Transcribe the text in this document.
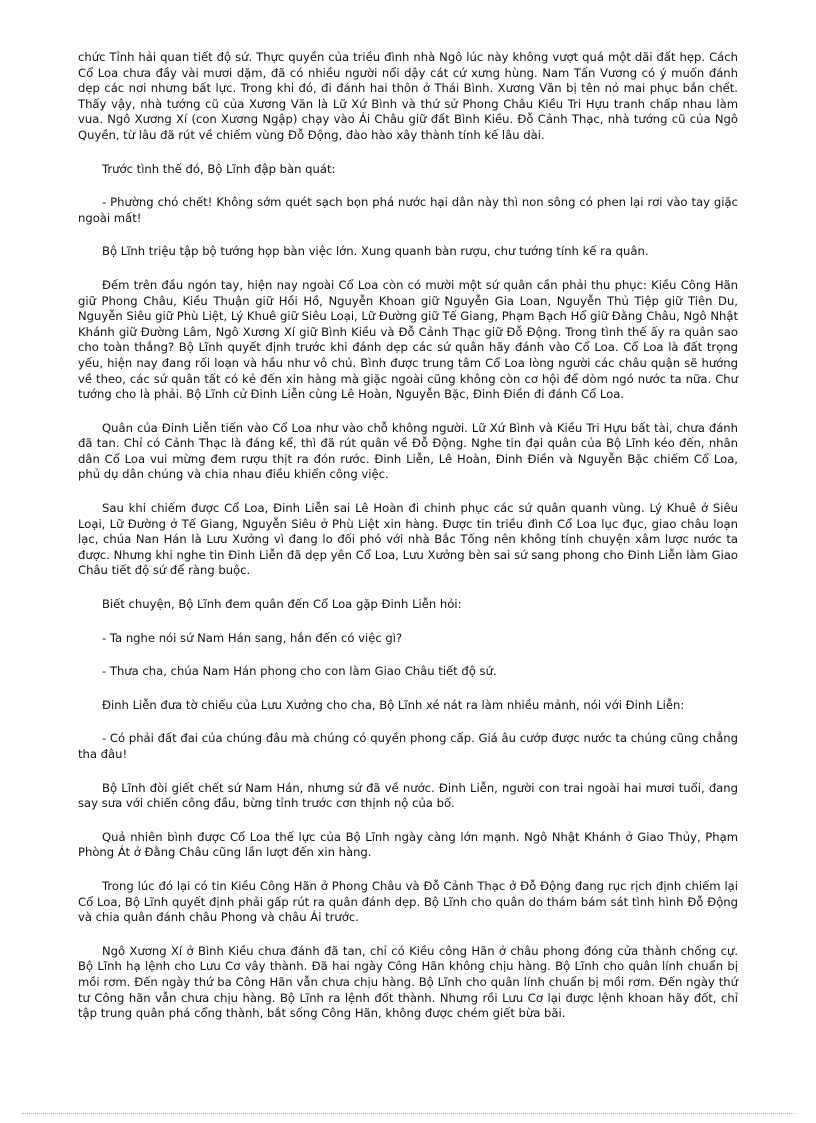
chức Tỉnh hải quan tiết độ sứ. Thực quyền của triều đình nhà Ngô lúc này không vượt quá một dãi đất hẹp. Cách Cổ Loa chưa đầy vài mươi dặm, đã có nhiều người nổi dậy cát cứ xưng hùng. Nam Tấn Vương có ý muốn đánh dẹp các nơi nhưng bất lực. Trong khi đó, đi đánh hai thôn ở Thái Bình. Xương Văn bị tên nỏ mai phục bắn chết. Thấy vậy, nhà tướng cũ của Xương Văn là Lữ Xứ Bình và thứ sử Phong Châu Kiều Tri Hựu tranh chấp nhau làm vua. Ngô Xương Xí (con Xương Ngập) chạy vào Ái Châu giữ đất Bình Kiều. Đỗ Cảnh Thạc, nhà tướng cũ của Ngô Quyền, từ lâu đã rút về chiếm vùng Đỗ Động, đào hào xây thành tính kế lâu dài.

Trước tình thế đó, Bộ Lĩnh đập bàn quát:

- Phường chó chết! Không sớm quét sạch bọn phá nước hại dân này thì non sông có phen lại rơi vào tay giặc ngoài mất!

Bộ Lĩnh triệu tập bộ tướng họp bàn việc lớn. Xung quanh bàn rượu, chư tướng tính kế ra quân.

Đếm trên đầu ngón tay, hiện nay ngoài Cổ Loa còn có mười một sứ quân cần phải thu phục: Kiều Công Hãn giữ Phong Châu, Kiều Thuận giữ Hồi Hồ, Nguyễn Khoan giữ Nguyễn Gia Loan, Nguyễn Thủ Tiệp giữ Tiên Du, Nguyễn Siêu giữ Phù Liệt, Lý Khuê giữ Siêu Loại, Lữ Đường giữ Tế Giang, Phạm Bạch Hổ giữ Đằng Châu, Ngô Nhật Khánh giữ Đường Lâm, Ngô Xương Xí giữ Bình Kiều và Đỗ Cảnh Thạc giữ Đỗ Động. Trong tình thế ấy ra quân sao cho toàn thắng? Bộ Lĩnh quyết định trước khi đánh dẹp các sứ quân hãy đánh vào Cổ Loa. Cổ Loa là đất trọng yếu, hiện nay đang rối loạn và hầu như vô chủ. Bình được trung tâm Cổ Loa lòng người các châu quận sẽ hướng về theo, các sứ quân tất có kẻ đến xin hàng mà giặc ngoài cũng không còn cơ hội để dòm ngó nước ta nữa. Chư tướng cho là phải. Bộ Lĩnh cử Đinh Liễn cùng Lê Hoàn, Nguyễn Bặc, Đinh Điền đi đánh Cổ Loa.

Quân của Đinh Liễn tiến vào Cổ Loa như vào chỗ không người. Lữ Xứ Bình và Kiều Tri Hựu bất tài, chưa đánh đã tan. Chỉ có Cảnh Thạc là đáng kể, thì đã rút quân về Đỗ Động. Nghe tin đại quân của Bộ Lĩnh kéo đến, nhân dân Cổ Loa vui mừng đem rượu thịt ra đón rước. Đinh Liễn, Lê Hoàn, Đinh Điền và Nguyễn Bặc chiếm Cổ Loa, phủ dụ dân chúng và chia nhau điều khiển công việc.

Sau khi chiếm được Cổ Loa, Đinh Liễn sai Lê Hoàn đi chinh phục các sứ quân quanh vùng. Lý Khuê ở Siêu Loại, Lữ Đường ở Tế Giang, Nguyễn Siêu ở Phù Liệt xin hàng. Được tin triều đình Cổ Loa lục đục, giao châu loạn lạc, chúa Nan Hán là Lưu Xưởng vì đang lo đối phó với nhà Bắc Tống nên không tính chuyện xâm lược nước ta được. Nhưng khi nghe tin Đinh Liễn đã dẹp yên Cổ Loa, Lưu Xưởng bèn sai sứ sang phong cho Đinh Liễn làm Giao Châu tiết độ sứ để ràng buộc.

Biết chuyện, Bộ Lĩnh đem quân đến Cổ Loa gặp Đinh Liễn hỏi:

- Ta nghe nói sứ Nam Hán sang, hắn đến có việc gì?

- Thưa cha, chúa Nam Hán phong cho con làm Giao Châu tiết độ sứ.

Đinh Liễn đưa tờ chiếu của Lưu Xưởng cho cha, Bộ Lĩnh xé nát ra làm nhiều mảnh, nói với Đinh Liễn:

- Có phải đất đai của chúng đâu mà chúng có quyền phong cấp. Giá âu cướp được nước ta chúng cũng chẳng tha đâu!

Bộ Lĩnh đòi giết chết sứ Nam Hán, nhưng sứ đã về nước. Đinh Liễn, người con trai ngoài hai mươi tuổi, đang say sưa với chiến công đầu, bừng tỉnh trước cơn thịnh nộ của bố.

Quả nhiên bình được Cổ Loa thế lực của Bộ Lĩnh ngày càng lớn mạnh. Ngô Nhật Khánh ở Giao Thủy, Phạm Phòng Át ở Đằng Châu cũng lần lượt đến xin hàng.

Trong lúc đó lại có tin Kiều Công Hãn ở Phong Châu và Đỗ Cảnh Thạc ở Đỗ Động đang rục rịch định chiếm lại Cổ Loa, Bộ Lĩnh quyết định phải gấp rút ra quân đánh dẹp. Bộ Lĩnh cho quân do thám bám sát tình hình Đỗ Động và chia quân đánh châu Phong và châu Ái trước.

Ngô Xương Xí ở Bình Kiều chưa đánh đã tan, chỉ có Kiều công Hãn ở châu phong đóng cửa thành chống cự. Bộ Lĩnh hạ lệnh cho Lưu Cơ vây thành. Đã hai ngày Công Hãn không chịu hàng. Bộ Lĩnh cho quân lính chuẩn bị mồi rơm. Đến ngày thứ ba Công Hãn vẫn chưa chịu hàng. Bộ Lĩnh cho quân lính chuẩn bị mồi rơm. Đến ngày thứ tư Công hãn vẫn chưa chịu hàng. Bộ Lĩnh ra lệnh đốt thành. Nhưng rồi Lưu Cơ lại được lệnh khoan hãy đốt, chỉ tập trung quân phá cổng thành, bắt sống Công Hãn, không được chém giết bừa bãi.
